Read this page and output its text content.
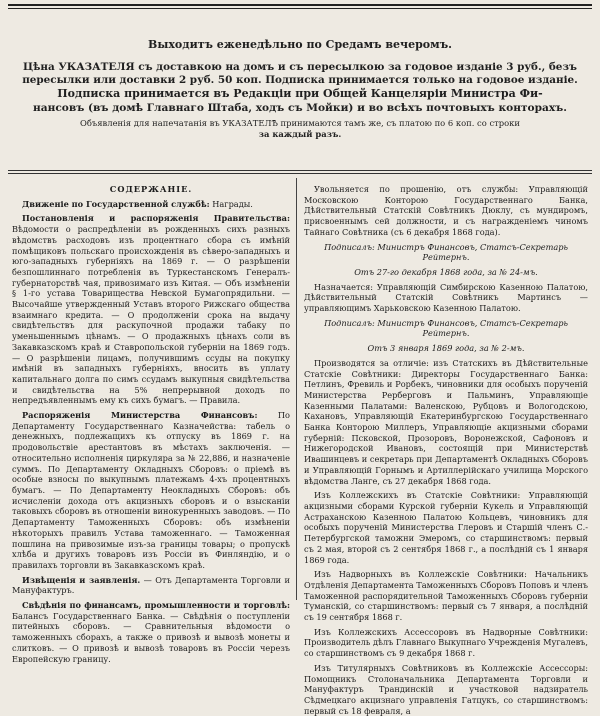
Выходитъ еженедѣльно по Средамъ вечеромъ.
Цѣна УКАЗАТЕЛЯ съ доставкою на домъ и съ пересылкою за годовое изданіе 3 руб., безъ
пересылки или доставки 2 руб. 50 коп. Подписка принимается только на годовое изданіе.
Подписка принимается въ Редакціи при Общей Канцеляріи Министра Фи-
нансовъ (въ домѣ Главнаго Штаба, ходъ съ Мойки) и во всѣхъ почтовыхъ конторахъ.
Объявленія для напечатанія въ УКАЗАТЕЛѢ принимаются тамъ же, съ платою по 6 коп. со строки
за каждый разъ.

СОДЕРЖАНІЕ.

Движеніе по Государственной службѣ: Награды.

Постановленія и распоряженія Правительства: Вѣдомости о распредѣленіи въ рожденныхъ сихъ разныхъ вѣдомствъ расходовъ изъ процентнаго сбора съ имѣній помѣщиковъ польскаго происхожденія въ сѣверо-западныхъ и юго-западныхъ губерніяхъ на 1869 г. — О разрѣшеніи безпошлиннаго потребленія въ Туркестанскомъ Генералъ-губернаторствѣ чая, привозимаго изъ Китая. — Объ измѣненіи § 1-го устава Товарищества Невской Бумагопрядильни. — Высочайше утвержденный Уставъ второго Рижскаго общества взаимнаго кредита. — О продолженіи срока на выдачу свидѣтельствъ для раскупочной продажи табаку по уменьшеннымъ цѣнамъ. — О продажныхъ цѣнахъ соли въ Закавказскомъ краѣ и Ставропольской губерніи на 1869 годъ. — О разрѣшеніи лицамъ, получившимъ ссуды на покупку имѣній въ западныхъ губерніяхъ, вносить въ уплату капитальнаго долга по симъ ссудамъ выкупныя свидѣтельства и свидѣтельства на 5% непрерывной доходъ по непредъявленнымъ ему къ сихъ бумагъ. — Правила.

Распоряженія Министерства Финансовъ: По Департаменту Государственнаго Казначейства: табель о денежныхъ, подлежащихъ къ отпуску въ 1869 г. на продовольствіе арестантовъ въ мѣстахъ заключенія. — относительно исполненія циркуляра за № 22,886, и назначеніе суммъ. По Департаменту Окладныхъ Сборовъ: о пріемѣ въ особые взносы по выкупнымъ платежамъ 4-хъ процентныхъ бумагъ. — По Департаменту Неокладныхъ Сборовъ: объ исчисленіи дохода отъ акцизныхъ сборовъ и о взысканіи таковыхъ сборовъ въ отношеніи винокуренныхъ заводовъ. — По Департаменту Таможенныхъ Сборовъ: объ измѣненіи нѣкоторыхъ правилъ Устава таможеннаго. — Таможенная пошлина на привозимые изъ-за границы товары; о пропускѣ хлѣба и другихъ товаровъ изъ Россіи въ Финляндію, и о правилахъ торговли въ Закавказскомъ краѣ.

Извѣщенія и заявленія. — Отъ Департамента Торговли и Мануфактуръ.

Свѣдѣнія по финансамъ, промышленности и торговлѣ: Балансъ Государственнаго Банка. — Свѣдѣнія о поступленіи питейныхъ сборовъ. — Сравнительныя вѣдомости о таможенныхъ сборахъ, а также о привозѣ и вывозѣ монеты и слитковъ. — О привозѣ и вывозѣ товаровъ въ Россіи черезъ Европейскую границу.

Увольняется по прошенію, отъ службы: Управляющій Московскою Конторою Государственнаго Банка, Дѣйствительный Статскій Совѣтникъ Дюклу, съ мундиромъ, присвоеннымъ сей должности, и съ награжденіемъ чиномъ Тайнаго Совѣтника (съ 6 декабря 1868 года).

Подписалъ: Министръ Финансовъ, Статсъ-Секретарь Рейтернъ.

Отъ 27-го декабря 1868 года, за № 24-мъ.

Назначается: Управляющій Симбирскою Казенною Палатою, Дѣйствительный Статскій Совѣтникъ Мартинсъ — управляющимъ Харьковскою Казенною Палатою.

Подписалъ: Министръ Финансовъ, Статсъ-Секретарь Рейтернъ.

Отъ 3 января 1869 года, за № 2-мъ.

Производятся за отличіе: изъ Статскихъ въ Дѣйствительные Статскіе Совѣтники: Директоры Государственнаго Банка: Петлинъ, Фревиль и Рорбекъ, чиновники для особыхъ порученій Министерства Рерберговъ и Пальминъ, Управляющіе Казенными Палатами: Валенскою, Рубцовъ и Вологодскою, Кахановъ, Управляющій Екатеринбургскою Государственнаго Банка Конторою Миллеръ, Управляющіе акцизными сборами губерній: Псковской, Прозоровъ, Воронежской, Сафоновъ и Нижегородской Ивановъ, состоящій при Министерствѣ Ивашинцевъ и секретарь при Департаментѣ Окладныхъ Сборовъ и Управляющій Горнымъ и Артиллерійскаго училища Морского вѣдомства Ланге, съ 27 декабря 1868 года.

Изъ Коллежскихъ въ Статскіе Совѣтники: Управляющій акцизными сборами Курской губерніи Кукель и Управляющій Астраханскою Казенною Палатою Кольцевъ, чиновникъ для особыхъ порученій Министерства Глеровъ и Старшій членъ С.-Петербургской таможни Эмеромъ, со старшинствомъ: первый съ 2 мая, второй съ 2 сентября 1868 г., а послѣдній съ 1 января 1869 года.

Изъ Надворныхъ въ Коллежскіе Совѣтники: Начальникъ Отдѣленія Департамента Таможенныхъ Сборовъ Поповъ и членъ Таможенной распорядительной Таможенныхъ Сборовъ губерніи Туманскій, со старшинствомъ: первый съ 7 января, а послѣдній съ 19 сентября 1868 г.

Изъ Коллежскихъ Ассессоровъ въ Надворные Совѣтники: Производитель дѣлъ Главнаго Выкупнаго Учрежденія Мугалевъ, со старшинствомъ съ 9 декабря 1868 г.

Изъ Титулярныхъ Совѣтниковъ въ Коллежскіе Ассессоры: Помощникъ Столоначальника Департамента Торговли и Мануфактуръ Трандинскій и участковой надзиратель Сѣдмецкаго акцизнаго управленія Гатцукъ, со старшинствомъ: первый съ 18 февраля, а
